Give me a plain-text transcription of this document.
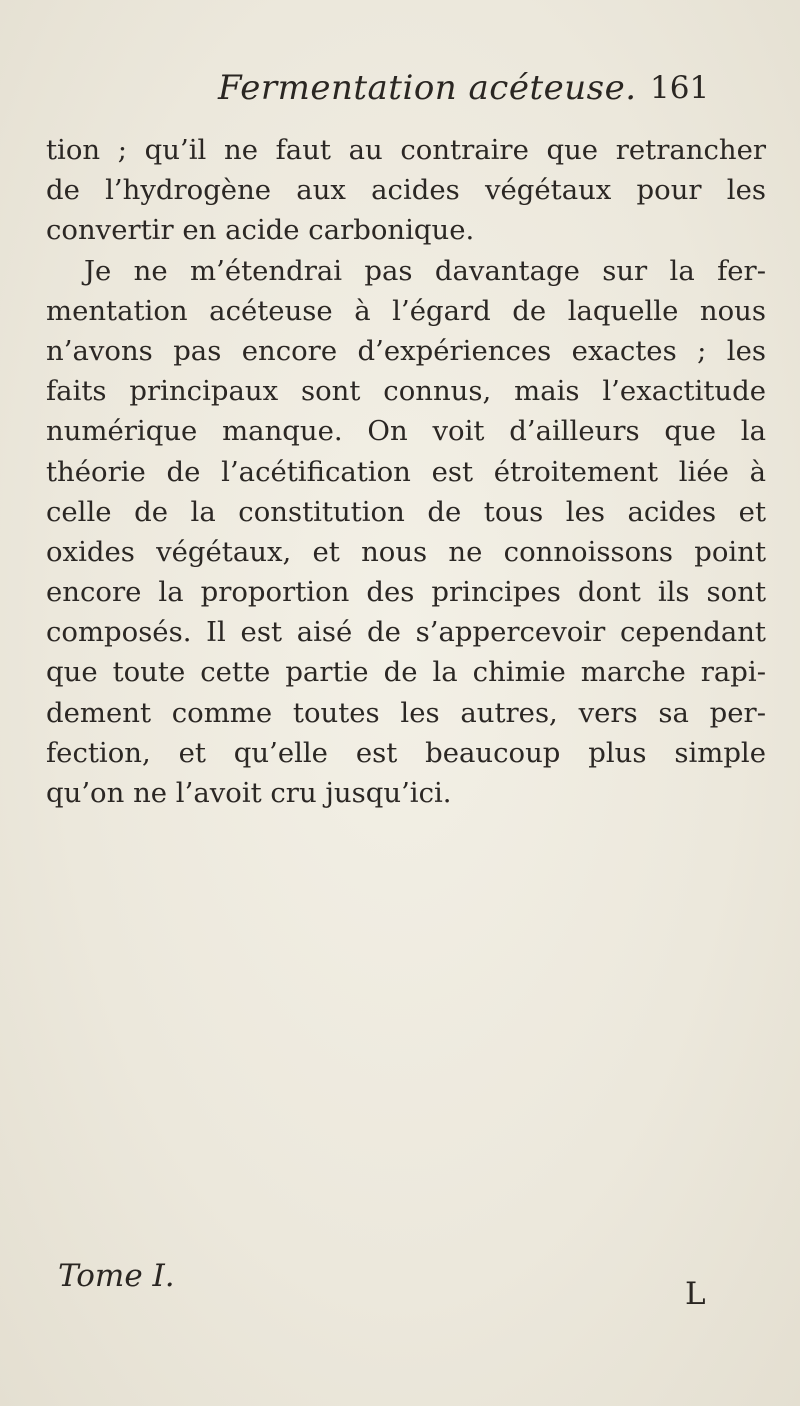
Fermentation acéteuse. 161
tion ; qu’il ne faut au contraire que retrancher
de l’hydrogène aux acides végétaux pour les
convertir en acide carbonique.
Je ne m’étendrai pas davantage sur la fer-
mentation acéteuse à l’égard de laquelle nous
n’avons pas encore d’expériences exactes ; les
faits principaux sont connus, mais l’exactitude
numérique manque. On voit d’ailleurs que la
théorie de l’acétification est étroitement liée à
celle de la constitution de tous les acides et
oxides végétaux, et nous ne connoissons point
encore la proportion des principes dont ils sont
composés. Il est aisé de s’appercevoir cependant
que toute cette partie de la chimie marche rapi-
dement comme toutes les autres, vers sa per-
fection, et qu’elle est beaucoup plus simple
qu’on ne l’avoit cru jusqu’ici.
Tome I.	L
